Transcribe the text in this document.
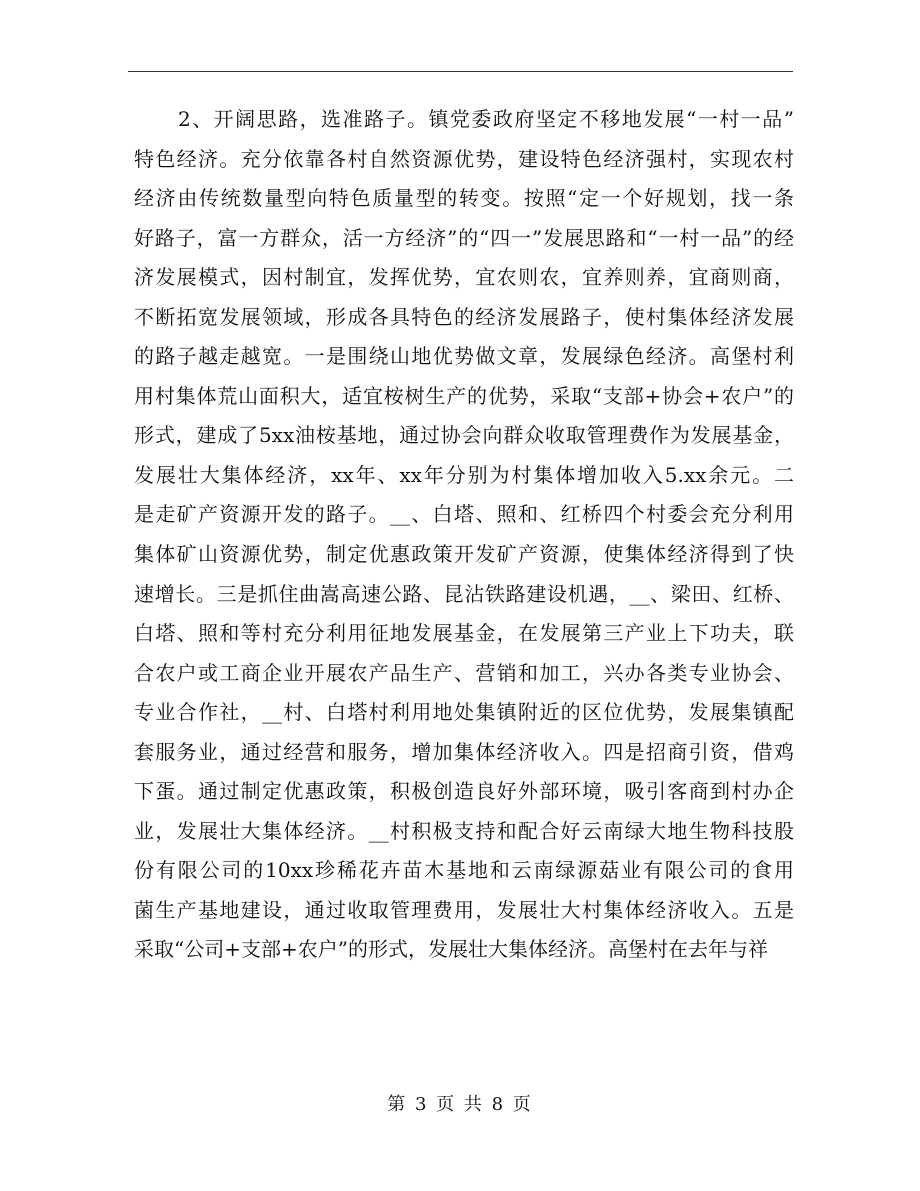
2、开阔思路，选准路子。镇党委政府坚定不移地发展“一村一品”
特色经济。充分依靠各村自然资源优势，建设特色经济强村，实现农村
经济由传统数量型向特色质量型的转变。按照“定一个好规划，找一条
好路子，富一方群众，活一方经济”的“四一”发展思路和“一村一品”的经
济发展模式，因村制宜，发挥优势，宜农则农，宜养则养，宜商则商，
不断拓宽发展领域，形成各具特色的经济发展路子，使村集体经济发展
的路子越走越宽。一是围绕山地优势做文章，发展绿色经济。高堡村利
用村集体荒山面积大，适宜桉树生产的优势，采取“支部+协会+农户”的
形式，建成了5xx油桉基地，通过协会向群众收取管理费作为发展基金，
发展壮大集体经济，xx年、xx年分别为村集体增加收入5.xx余元。二
是走矿产资源开发的路子。__、白塔、照和、红桥四个村委会充分利用
集体矿山资源优势，制定优惠政策开发矿产资源，使集体经济得到了快
速增长。三是抓住曲嵩高速公路、昆沾铁路建设机遇，__、梁田、红桥、
白塔、照和等村充分利用征地发展基金，在发展第三产业上下功夫，联
合农户或工商企业开展农产品生产、营销和加工，兴办各类专业协会、
专业合作社，__村、白塔村利用地处集镇附近的区位优势，发展集镇配
套服务业，通过经营和服务，增加集体经济收入。四是招商引资，借鸡
下蛋。通过制定优惠政策，积极创造良好外部环境，吸引客商到村办企
业，发展壮大集体经济。__村积极支持和配合好云南绿大地生物科技股
份有限公司的10xx珍稀花卉苗木基地和云南绿源菇业有限公司的食用
菌生产基地建设，通过收取管理费用，发展壮大村集体经济收入。五是
采取“公司+支部+农户”的形式，发展壮大集体经济。高堡村在去年与祥
第 3 页 共 8 页
